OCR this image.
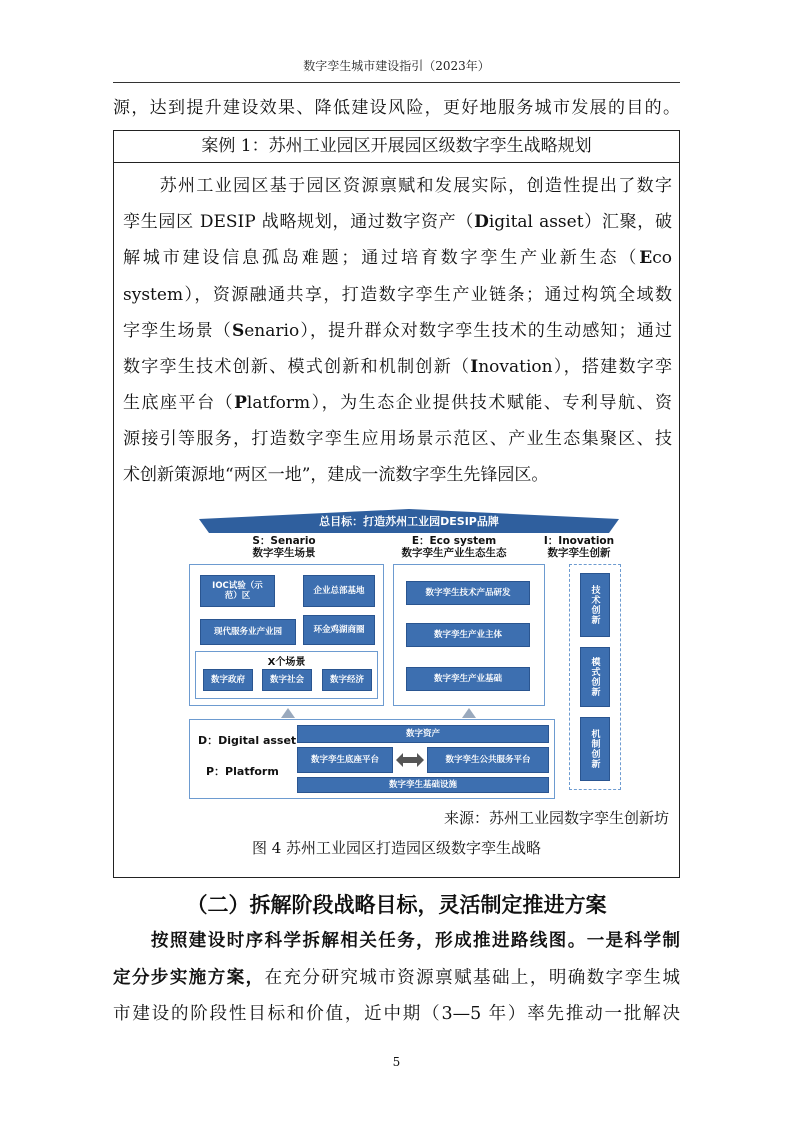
数字孪生城市建设指引（2023年）
源，达到提升建设效果、降低建设风险，更好地服务城市发展的目的。
案例 1：苏州工业园区开展园区级数字孪生战略规划
　　苏州工业园区基于园区资源禀赋和发展实际，创造性提出了数字
孪生园区 DESIP 战略规划，通过数字资产（Digital asset）汇聚，破
解城市建设信息孤岛难题；通过培育数字孪生产业新生态（Eco
system），资源融通共享，打造数字孪生产业链条；通过构筑全域数
字孪生场景（Senario），提升群众对数字孪生技术的生动感知；通过
数字孪生技术创新、模式创新和机制创新（Inovation），搭建数字孪
生底座平台（Platform），为生态企业提供技术赋能、专利导航、资
源接引等服务，打造数字孪生应用场景示范区、产业生态集聚区、技
术创新策源地“两区一地”，建成一流数字孪生先锋园区。
总目标：打造苏州工业园DESIP品牌
S：Senario
数字孪生场景
E：Eco system
数字孪生产业生态生态
I：Inovation
数字孪生创新
IOC试验（示范）区	企业总部基地
现代服务业产业园	环金鸡湖商圈
X个场景
数字政府	数字社会	数字经济
数字孪生技术产品研发
数字孪生产业主体
数字孪生产业基础
技术创新
模式创新
机制创新
D：Digital asset
P：Platform
数字资产
数字孪生底座平台	数字孪生公共服务平台
数字孪生基础设施
来源：苏州工业园数字孪生创新坊
图 4 苏州工业园区打造园区级数字孪生战略
（二）拆解阶段战略目标，灵活制定推进方案
　　按照建设时序科学拆解相关任务，形成推进路线图。一是科学制
定分步实施方案，在充分研究城市资源禀赋基础上，明确数字孪生城
市建设的阶段性目标和价值，近中期（3—5 年）率先推动一批解决
5
